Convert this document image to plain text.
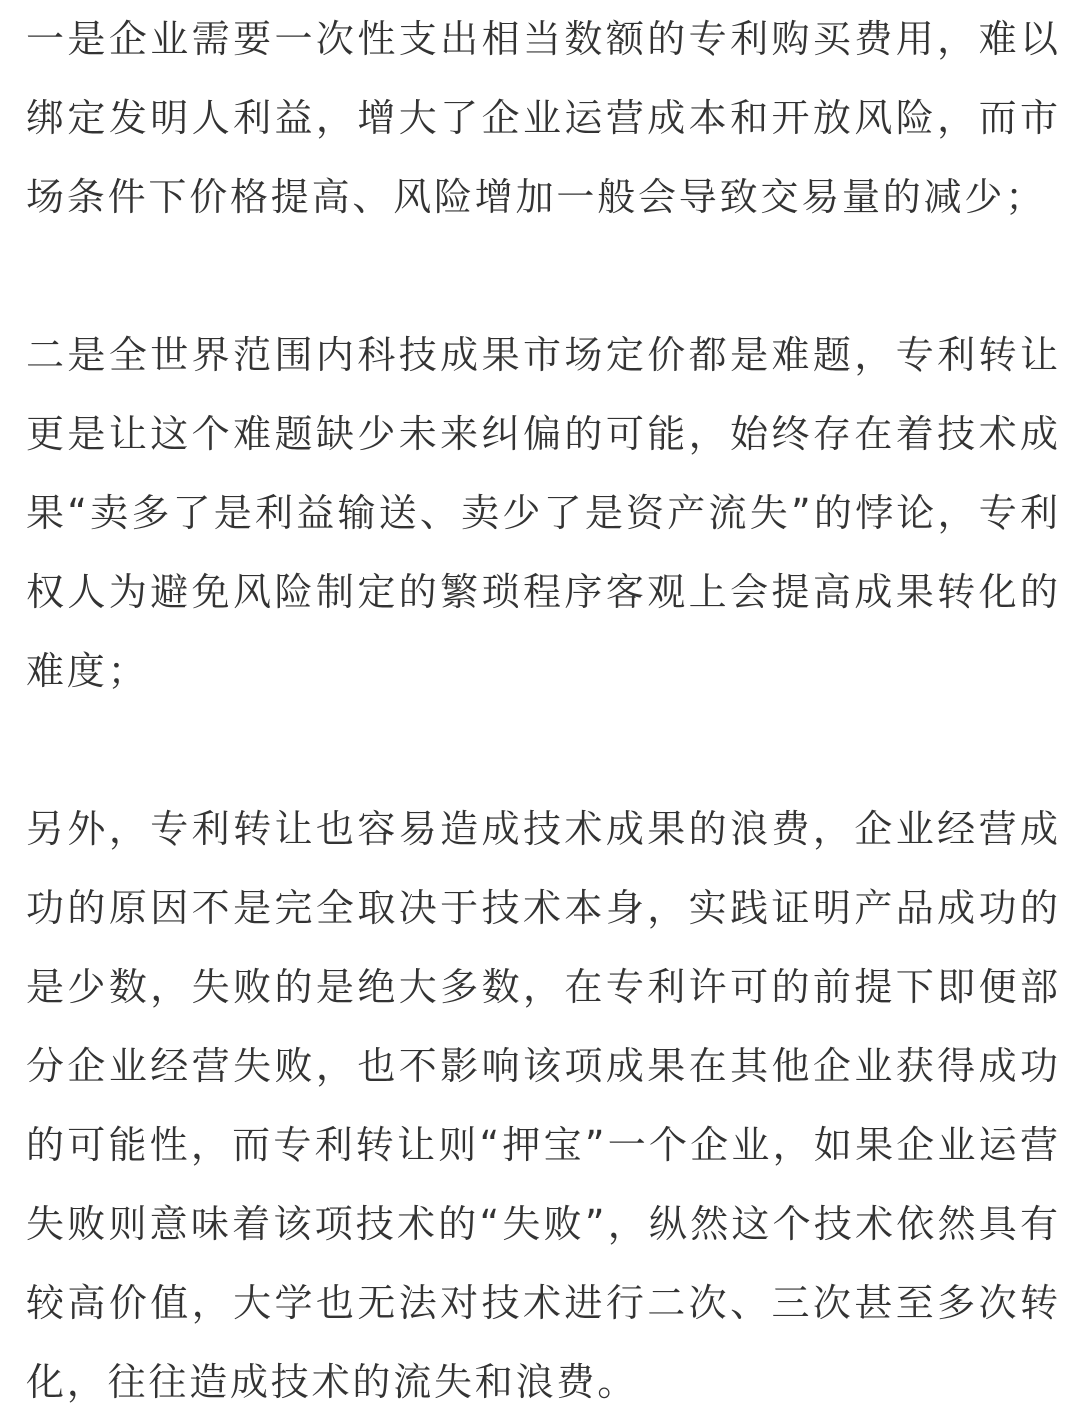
一是企业需要一次性支出相当数额的专利购买费用，难以
绑定发明人利益，增大了企业运营成本和开放风险，而市
场条件下价格提高、风险增加一般会导致交易量的减少；
二是全世界范围内科技成果市场定价都是难题，专利转让
更是让这个难题缺少未来纠偏的可能，始终存在着技术成
果“卖多了是利益输送、卖少了是资产流失”的悖论，专利
权人为避免风险制定的繁琐程序客观上会提高成果转化的
难度；
另外，专利转让也容易造成技术成果的浪费，企业经营成
功的原因不是完全取决于技术本身，实践证明产品成功的
是少数，失败的是绝大多数，在专利许可的前提下即便部
分企业经营失败，也不影响该项成果在其他企业获得成功
的可能性，而专利转让则“押宝”一个企业，如果企业运营
失败则意味着该项技术的“失败”，纵然这个技术依然具有
较高价值，大学也无法对技术进行二次、三次甚至多次转
化，往往造成技术的流失和浪费。
